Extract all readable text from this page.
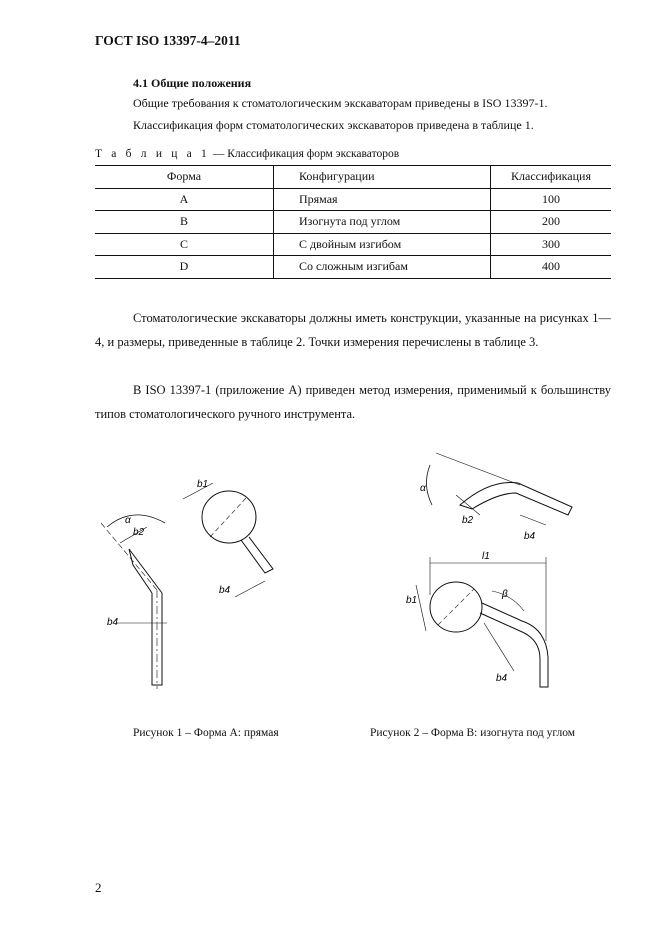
ГОСТ ISO 13397-4–2011
4.1 Общие положения
Общие требования к стоматологическим экскаваторам приведены в ISO 13397-1.
Классификация форм стоматологических экскаваторов приведена в таблице 1.
Т а б л и ц а 1 — Классификация форм экскаваторов
Форма	Конфигурации	Классификация
А	Прямая	100
B	Изогнута под углом	200
C	С двойным изгибом	300
D	Со сложным изгибам	400
Стоматологические экскаваторы должны иметь конструкции, указанные на рисунках 1—4, и размеры, приведенные в таблице 2. Точки измерения перечислены в таблице 3.
В ISO 13397-1 (приложение А) приведен метод измерения, применимый к большинству типов стоматологического ручного инструмента.
α
b2
b4
b1
b4
α
b2
b4
l1
b1
β
b4
Рисунок 1 – Форма А: прямая	Рисунок 2 – Форма В: изогнута под углом
2
